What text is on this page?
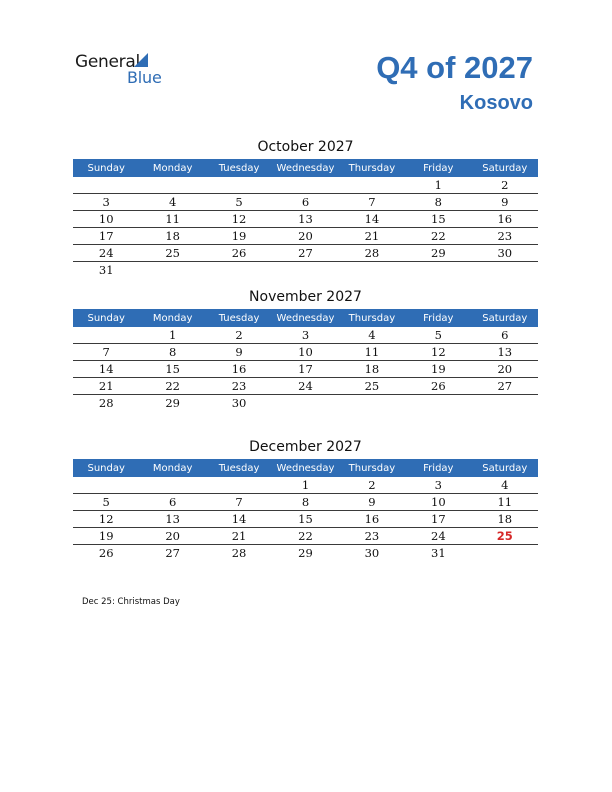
General
Blue	Q4 of 2027
Kosovo
October 2027
Sunday	Monday	Tuesday	Wednesday	Thursday	Friday	Saturday
					1	2
3	4	5	6	7	8	9
10	11	12	13	14	15	16
17	18	19	20	21	22	23
24	25	26	27	28	29	30
31						
November 2027
Sunday	Monday	Tuesday	Wednesday	Thursday	Friday	Saturday
	1	2	3	4	5	6
7	8	9	10	11	12	13
14	15	16	17	18	19	20
21	22	23	24	25	26	27
28	29	30				
December 2027
Sunday	Monday	Tuesday	Wednesday	Thursday	Friday	Saturday
			1	2	3	4
5	6	7	8	9	10	11
12	13	14	15	16	17	18
19	20	21	22	23	24	25
26	27	28	29	30	31	
Dec 25: Christmas Day
